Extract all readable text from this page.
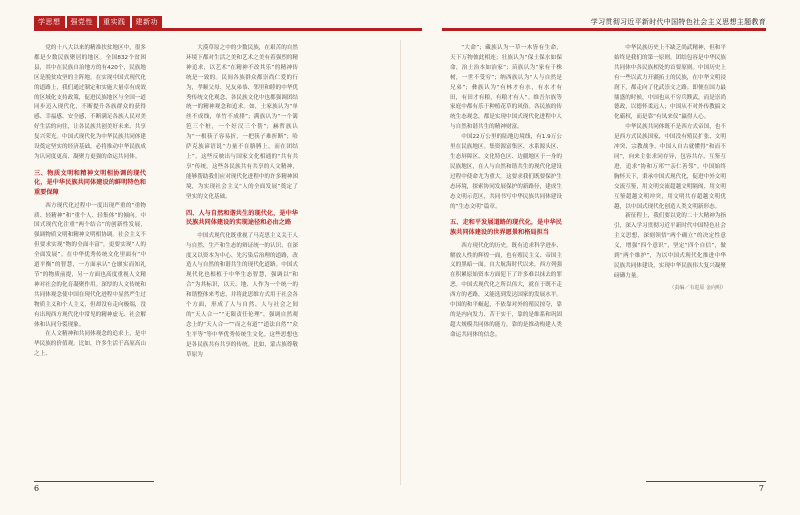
学思想	强党性	重实践	建新功	学习贯彻习近平新时代中国特色社会主义思想主题教育

党的十八大以来的精准扶贫地区中，很多都是少数民族聚居的地区。全国832个贫困县，其中在民族自治地方的有420个，民族地区是脱贫攻坚的主阵地。在实现中国式现代化的道路上，我们通过制定和实施大量卓有成效的区域化支持政策，促进民族地区与全国一道同步迈入现代化，不断提升各族群众的获得感、幸福感、安全感，不断满足各族人民对美好生活的向往，让各民族共创美好未来、共享复兴荣光。中国式现代化为中华民族共同体建设奠定坚实的经济基础，必将推动中华民族成为认同度更高、凝聚力更强的命运共同体。

三、物质文明和精神文明相协调的现代化，是中华民族共同体建设的鲜明特色和重要保障

西方现代化过程中一度出现严重的“重物质、轻精神”和“重个人、轻集体”的倾向。中国式现代化注重“两个结合”的创新性发展，强调物质文明和精神文明相协调。社会主义不但要求实现“物的全面丰富”，更要实现“人的全面发展”。在中华优秀传统文化里面有“中道平衡”的智慧，一方面承认“仓廪实而知礼节”的物质前提，另一方面也高度重视人文精神对社会的化育凝聚作用。深厚的人文传统和共同体观念使中国在现代化进程中显然严生过物质主义和个人主义，但却没有走向极端，没有出现西方现代化中常见的精神虚无、社会解体和认同分裂现象。

在人文精神和共同体观念的追求上，是中华民族的价值观。比如，许多生活于高原高山之上、

大漠草原之中的少数民族，在艰苦的自然环境下都对生活之美和艺术之美有着强烈的精神追求，以艺术“在精神不改其乐”的精神传统是一致的。民间各族群众都崇尚仁爱的行为，孝顺父母、兄友弟恭、邻里和睦的中华优秀传统文化观念，各民族文化中也都强调团结统一的精神观念和追求。如，土家族认为“单丝不成线，单竹不成排”；满族认为“一个篱笆三个桩，一个好汉三个帮”；赫哲族认为“一根筷子容易折，一把筷子难折断”；哈萨克族谚语说“力量不在胳膊上，而在团结上”。这些反映出与国家文化相通的“共有共享”传统。这些各民族共有共享的人文精神，能够帮助我们应对现代化进程中的许多精神困境，为实现社会主义“人的全面发展”奠定了坚实的文化基础。

四、人与自然和谐共生的现代化，是中华民族共同体建设的实现途径和必由之路

中国式现代化既重视了马克思主义关于人与自然、生产和生态的辩证统一的认识，在深度又以资本为中心、先污染后治理的道路，改造人与自然的和谐共生的现代化道路。中国式现代化也根植于中华生态智慧，强调以“和合”为其标识，以天、地、人作为一个统一的和谐整体来考虑，并将此思维方式用于社会各个方面，形成了人与自然、人与社会之间的“天人合一”“无限责任伦理”，强调自然观念上的“天人合一”“而之有道”“道法自然”“众生平等”等中华优秀传统生文化。这些思想也是各民族共有共享的传统。比如，蒙古族尊敬草原为

“大命”；藏族认为一草一木皆有生命，天下万物彼此相连；壮族认为“保土保水如保命，治土治本如治家”；苗族认为“家有千株树，一世不受穷”；纳西族认为“人与自然是兄弟”；彝族认为“有林才有水，有水才有田，有田才有粮，有粮才有人”。维吾尔族等家庭中都有乐于种植花草的风俗。各民族的传统生态观念，都是实现中国式现代化进程中人与自然和谐共生的精神财富。

中国22万公里的陆地边境线，有1.9万公里在民族地区。集资源富集区、水系源头区、生态屏障区、文化特色区、边疆地区于一身的民族地区，在人与自然和谐共生的现代化建设过程中使命尤为重大。这要求我们既要保护生态环境，探索协同发展保护的新路径，建成生态文明示范区，共同书写中华民族共同体建设的“生态文明”篇章。

五、走和平发展道路的现代化，是中华民族共同体建设的世界愿景和格局担当

西方现代化的历史，既有追求科学进步、解放人性的辉煌一面，也有殖民主义、帝国主义的黑暗一面。自大航海时代以来，西方列强在积累原始资本方面犯下了许多难以抹去的罪恶。中国式现代化之所以伟大，就在于既不走西方的老路，又能选到发达国家的发展水平。中国的和平崛起，不依靠对外的殖民掠夺，靠的是内向发力、苦干实干，靠的是维系和巩固超大规模共同体的能力，靠的是推动构建人类命运共同体的信念。

中华民族历史上不缺乏尚武精神，但和平始终是我们的第一原则。团结包容是中华民族共同体中各民族相处的首要原则。中国历史上有一些以武力开疆拓土的民族，在中华文明浸润下，都走向了化武崇文之路。即便在国力最鼎盛的时候，中国也从不穷兵黩武，而是崇尚德政，以德怀柔远人；中国从不对外传教搞文化霸权，而是靠“有凤来仪”赢得人心。

中华民族共同体既不是西方式帝国，也不是西方式民族国家，中国没有殖民扩张、文明冲突、宗教战争。中国人自古就懂得“和而不同”，向来主张求同存异，包容共存、互鉴互进，追求“协和万邦”“亲仁善邻”。中国始终胸怀天下，秉承中国式现代化，促进中外文明交流互鉴，用文明交流超越文明隔阂、用文明互鉴超越文明冲突，用文明共存超越文明优越，以中国式现代化创造人类文明新形态。

新征程上，我们要以党的二十大精神为指引，深入学习贯彻习近平新时代中国特色社会主义思想，深刻领悟“两个确立”的决定性意义，增强“四个意识”，坚定“四个自信”，做到“两个维护”，为以中国式现代化推进中华民族共同体建设，实现中华民族伟大复兴凝聚磅礴力量。

（责编／韦进原 金向明）
6	7
